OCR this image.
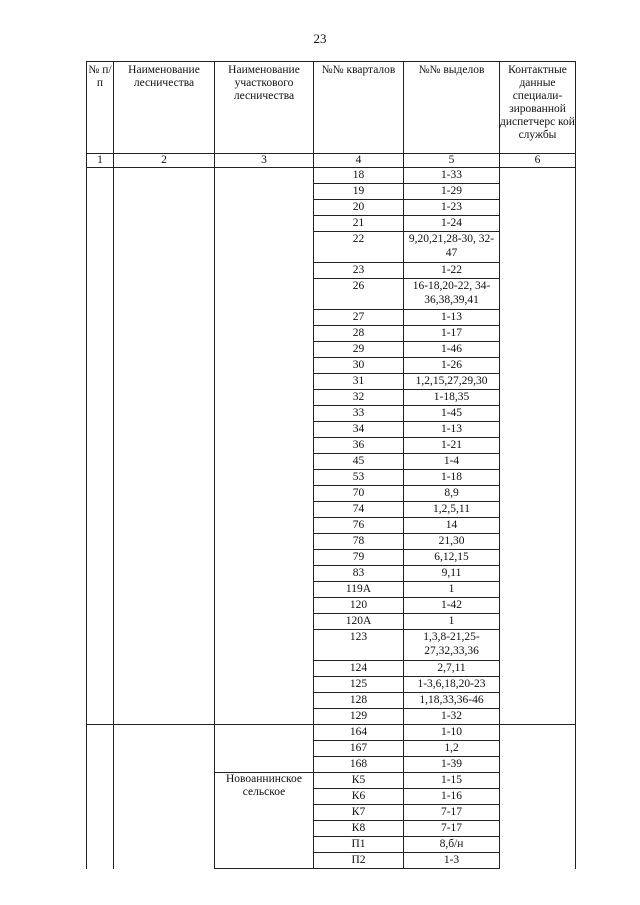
23
№ п/п	Наименование лесничества	Наименование участкового лесничества	№№ кварталов	№№ выделов	Контактные данные специали-зированной диспетчерс кой службы
1	2	3	4	5	6
			18	1-33	
			19	1-29	
			20	1-23	
			21	1-24	
			22	9,20,21,28-30, 32-47	
			23	1-22	
			26	16-18,20-22, 34-36,38,39,41	
			27	1-13	
			28	1-17	
			29	1-46	
			30	1-26	
			31	1,2,15,27,29,30	
			32	1-18,35	
			33	1-45	
			34	1-13	
			36	1-21	
			45	1-4	
			53	1-18	
			70	8,9	
			74	1,2,5,11	
			76	14	
			78	21,30	
			79	6,12,15	
			83	9,11	
			119А	1	
			120	1-42	
			120А	1	
			123	1,3,8-21,25- 27,32,33,36	
			124	2,7,11	
			125	1-3,6,18,20-23	
			128	1,18,33,36-46	
			129	1-32	
			164	1-10	
			167	1,2	
			168	1-39	
		Новоаннинское сельское	К5	1-15	
			К6	1-16	
			К7	7-17	
			К8	7-17	
			П1	8,б/н	
			П2	1-3	
